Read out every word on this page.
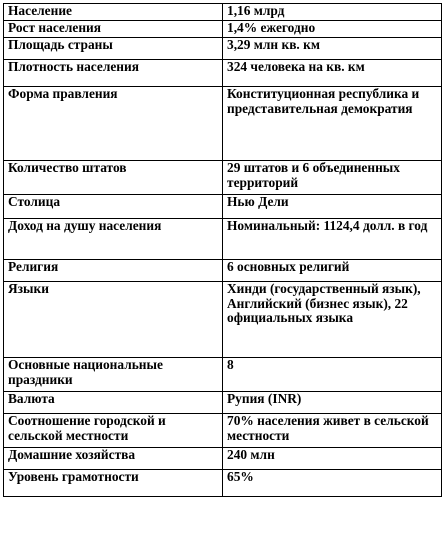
Население	1,16 млрд
Рост населения	1,4% ежегодно
Площадь страны	3,29 млн кв. км
Плотность населения	324 человека на кв. км
Форма правления	Конституционная республика и представительная демократия
Количество штатов	29 штатов и 6 объединенных территорий
Столица	Нью Дели
Доход на душу населения	Номинальный: 1124,4 долл. в год
Религия	6 основных религий
Языки	Хинди (государственный язык), Английский (бизнес язык), 22 официальных языка
Основные национальные праздники	8
Валюта	Рупия (INR)
Соотношение городской и сельской местности	70% населения живет в сельской местности
Домашние хозяйства	240 млн
Уровень грамотности	65%
